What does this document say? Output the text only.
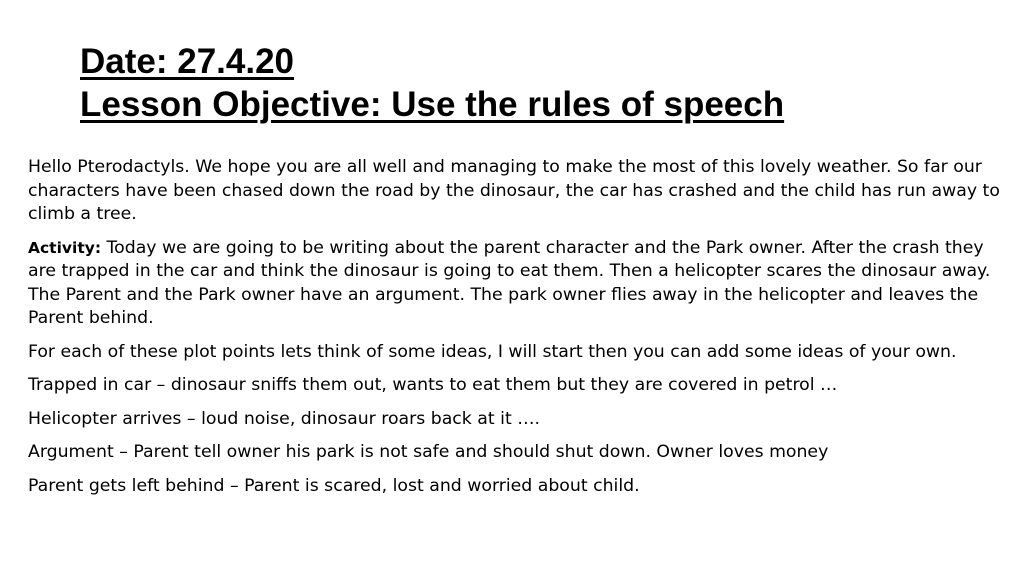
Date: 27.4.20
Lesson Objective: Use the rules of speech

Hello Pterodactyls. We hope you are all well and managing to make the most of this lovely weather. So far our characters have been chased down the road by the dinosaur, the car has crashed and the child has run away to climb a tree.

Activity: Today we are going to be writing about the parent character and the Park owner. After the crash they are trapped in the car and think the dinosaur is going to eat them. Then a helicopter scares the dinosaur away. The Parent and the Park owner have an argument. The park owner flies away in the helicopter and leaves the Parent behind.

For each of these plot points lets think of some ideas, I will start then you can add some ideas of your own.

Trapped in car – dinosaur sniffs them out, wants to eat them but they are covered in petrol …

Helicopter arrives – loud noise, dinosaur roars back at it ….

Argument – Parent tell owner his park is not safe and should shut down. Owner loves money

Parent gets left behind – Parent is scared, lost and worried about child.
